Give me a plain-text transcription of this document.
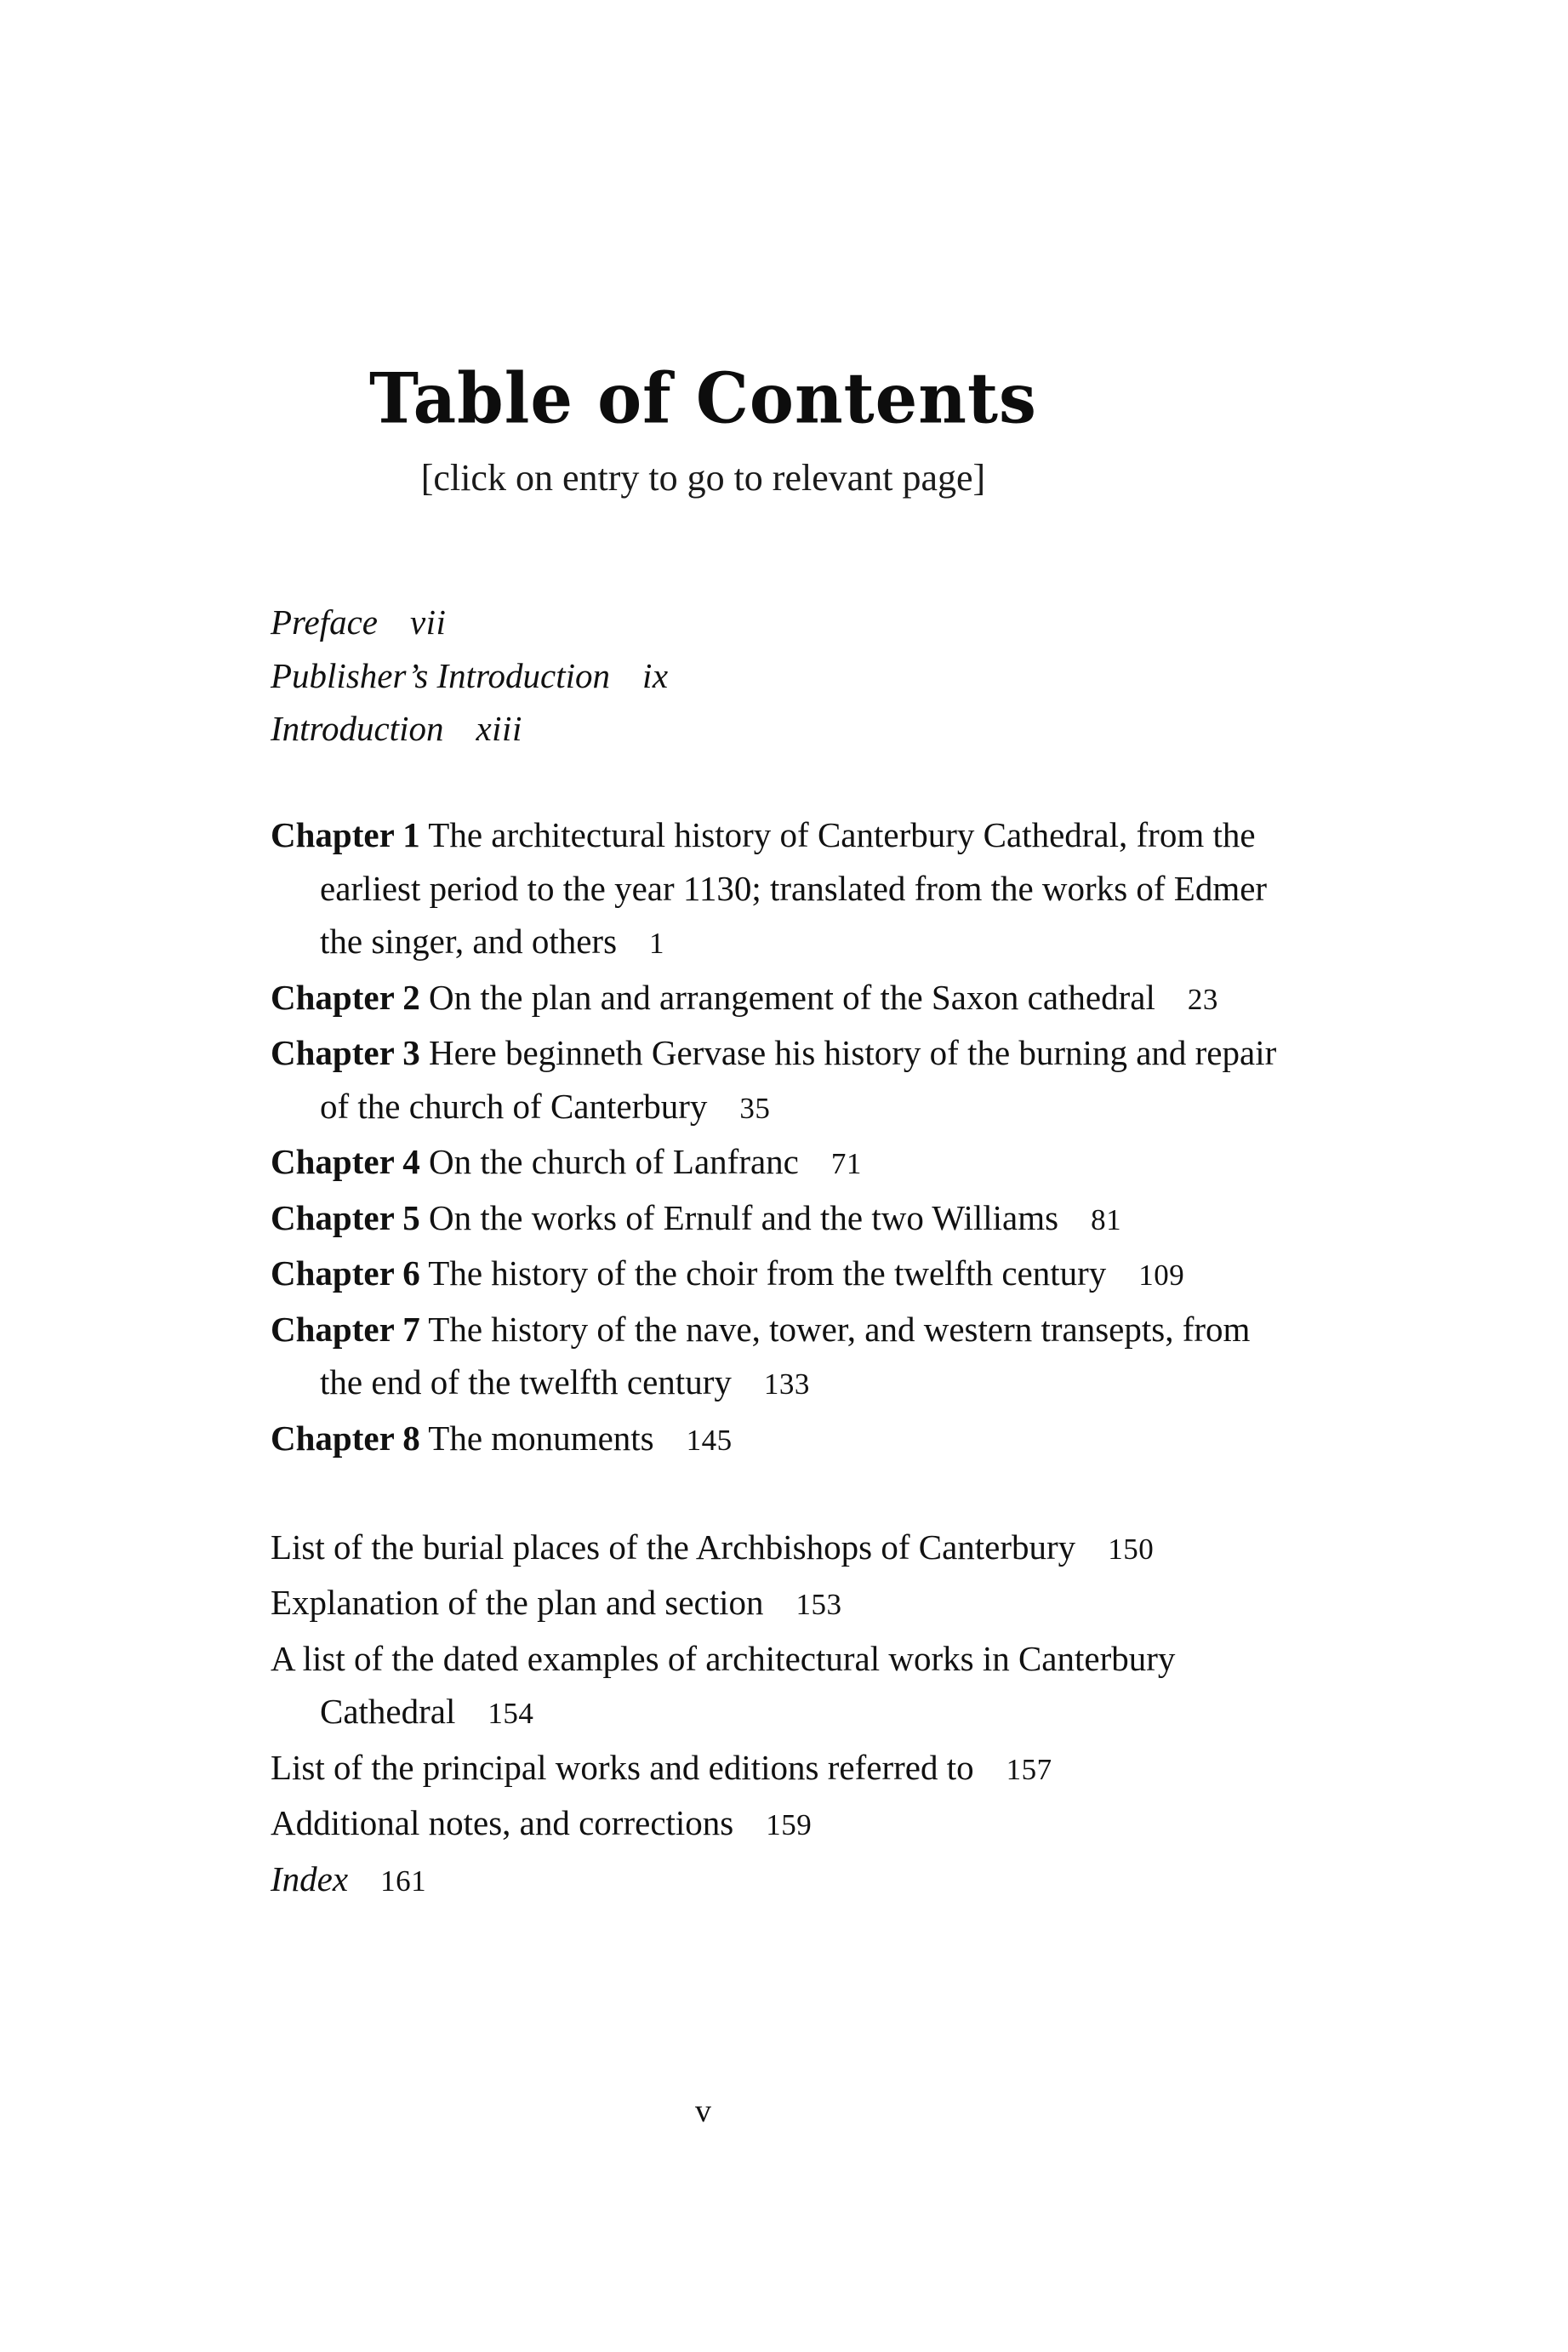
Table of Contents
[click on entry to go to relevant page]
Preface vii
Publisher’s Introduction ix
Introduction xiii
Chapter 1 The architectural history of Canterbury Cathedral, from the earliest period to the year 1130; translated from the works of Edmer the singer, and others 1
Chapter 2 On the plan and arrangement of the Saxon cathedral 23
Chapter 3 Here beginneth Gervase his history of the burning and repair of the church of Canterbury 35
Chapter 4 On the church of Lanfranc 71
Chapter 5 On the works of Ernulf and the two Williams 81
Chapter 6 The history of the choir from the twelfth century 109
Chapter 7 The history of the nave, tower, and western transepts, from the end of the twelfth century 133
Chapter 8 The monuments 145
List of the burial places of the Archbishops of Canterbury 150
Explanation of the plan and section 153
A list of the dated examples of architectural works in Canterbury Cathedral 154
List of the principal works and editions referred to 157
Additional notes, and corrections 159
Index 161
v
